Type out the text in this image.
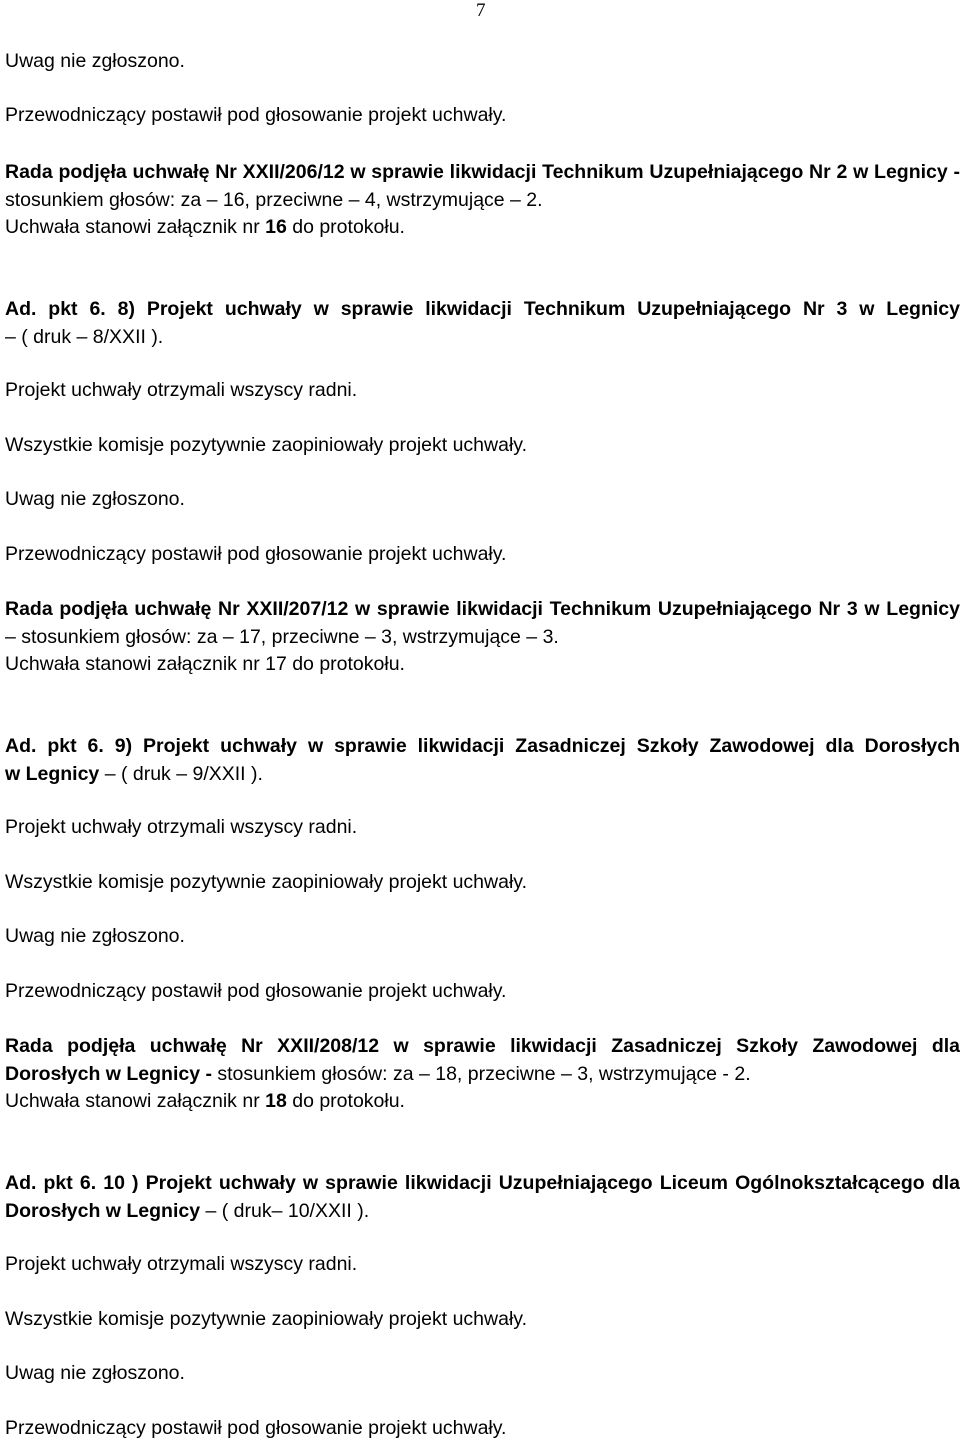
7
Uwag nie zgłoszono.
Przewodniczący postawił pod głosowanie projekt uchwały.
Rada podjęła uchwałę Nr XXII/206/12 w sprawie likwidacji Technikum Uzupełniającego Nr 2 w Legnicy -
stosunkiem głosów: za – 16, przeciwne – 4, wstrzymujące – 2.
Uchwała stanowi załącznik nr 16 do protokołu.
Ad. pkt 6. 8) Projekt uchwały w sprawie likwidacji Technikum Uzupełniającego Nr 3 w Legnicy
– ( druk – 8/XXII ).
Projekt uchwały otrzymali wszyscy radni.
Wszystkie komisje pozytywnie zaopiniowały projekt uchwały.
Uwag nie zgłoszono.
Przewodniczący postawił pod głosowanie projekt uchwały.
Rada podjęła uchwałę Nr XXII/207/12 w sprawie likwidacji Technikum Uzupełniającego Nr 3 w Legnicy
– stosunkiem głosów: za – 17, przeciwne – 3, wstrzymujące – 3.
Uchwała stanowi załącznik nr 17 do protokołu.
Ad. pkt 6. 9) Projekt uchwały w sprawie likwidacji Zasadniczej Szkoły Zawodowej dla Dorosłych
w Legnicy – ( druk – 9/XXII ).
Projekt uchwały otrzymali wszyscy radni.
Wszystkie komisje pozytywnie zaopiniowały projekt uchwały.
Uwag nie zgłoszono.
Przewodniczący postawił pod głosowanie projekt uchwały.
Rada podjęła uchwałę Nr XXII/208/12 w sprawie likwidacji Zasadniczej Szkoły Zawodowej dla
Dorosłych w Legnicy - stosunkiem głosów: za – 18, przeciwne – 3, wstrzymujące - 2.
Uchwała stanowi załącznik nr 18 do protokołu.
Ad. pkt 6. 10 ) Projekt uchwały w sprawie likwidacji Uzupełniającego Liceum Ogólnokształcącego dla
Dorosłych w Legnicy – ( druk– 10/XXII ).
Projekt uchwały otrzymali wszyscy radni.
Wszystkie komisje pozytywnie zaopiniowały projekt uchwały.
Uwag nie zgłoszono.
Przewodniczący postawił pod głosowanie projekt uchwały.
